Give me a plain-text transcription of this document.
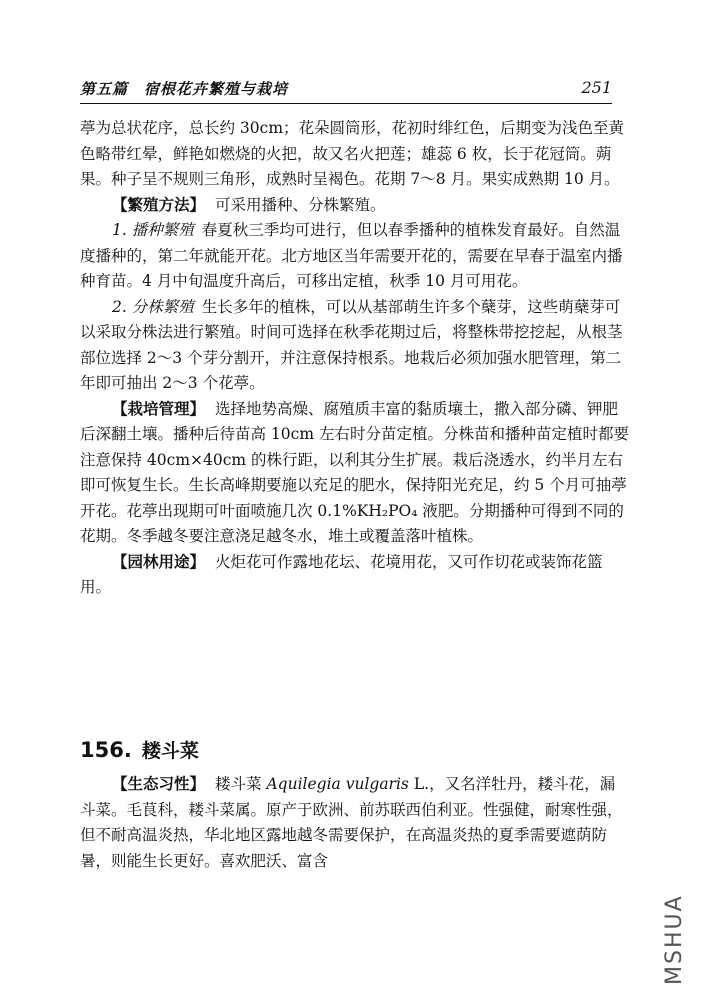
第五篇　宿根花卉繁殖与栽培	251

葶为总状花序，总长约 30cm；花朵圆筒形，花初时绯红色，后期变为浅色至黄色略带红晕，鲜艳如燃烧的火把，故又名火把莲；雄蕊 6 枚，长于花冠筒。蒴果。种子呈不规则三角形，成熟时呈褐色。花期 7～8 月。果实成熟期 10 月。

【繁殖方法】 可采用播种、分株繁殖。

1. 播种繁殖 春夏秋三季均可进行，但以春季播种的植株发育最好。自然温度播种的，第二年就能开花。北方地区当年需要开花的，需要在早春于温室内播种育苗。4 月中旬温度升高后，可移出定植，秋季 10 月可用花。

2. 分株繁殖 生长多年的植株，可以从基部萌生许多个蘖芽，这些萌蘖芽可以采取分株法进行繁殖。时间可选择在秋季花期过后，将整株带挖挖起，从根茎部位选择 2～3 个芽分割开，并注意保持根系。地栽后必须加强水肥管理，第二年即可抽出 2～3 个花葶。

【栽培管理】 选择地势高燥、腐殖质丰富的黏质壤土，撒入部分磷、钾肥后深翻土壤。播种后待苗高 10cm 左右时分苗定植。分株苗和播种苗定植时都要注意保持 40cm×40cm 的株行距，以利其分生扩展。栽后浇透水，约半月左右即可恢复生长。生长高峰期要施以充足的肥水，保持阳光充足，约 5 个月可抽葶开花。花葶出现期可叶面喷施几次 0.1%KH₂PO₄ 液肥。分期播种可得到不同的花期。冬季越冬要注意浇足越冬水，堆土或覆盖落叶植株。

【园林用途】 火炬花可作露地花坛、花境用花，又可作切花或装饰花篮用。

156. 耧斗菜

【生态习性】 耧斗菜 Aquilegia vulgaris L.，又名洋牡丹，耧斗花，漏斗菜。毛茛科，耧斗菜属。原产于欧洲、前苏联西伯利亚。性强健，耐寒性强，但不耐高温炎热，华北地区露地越冬需要保护，在高温炎热的夏季需要遮荫防暑，则能生长更好。喜欢肥沃、富含

MSHUA
